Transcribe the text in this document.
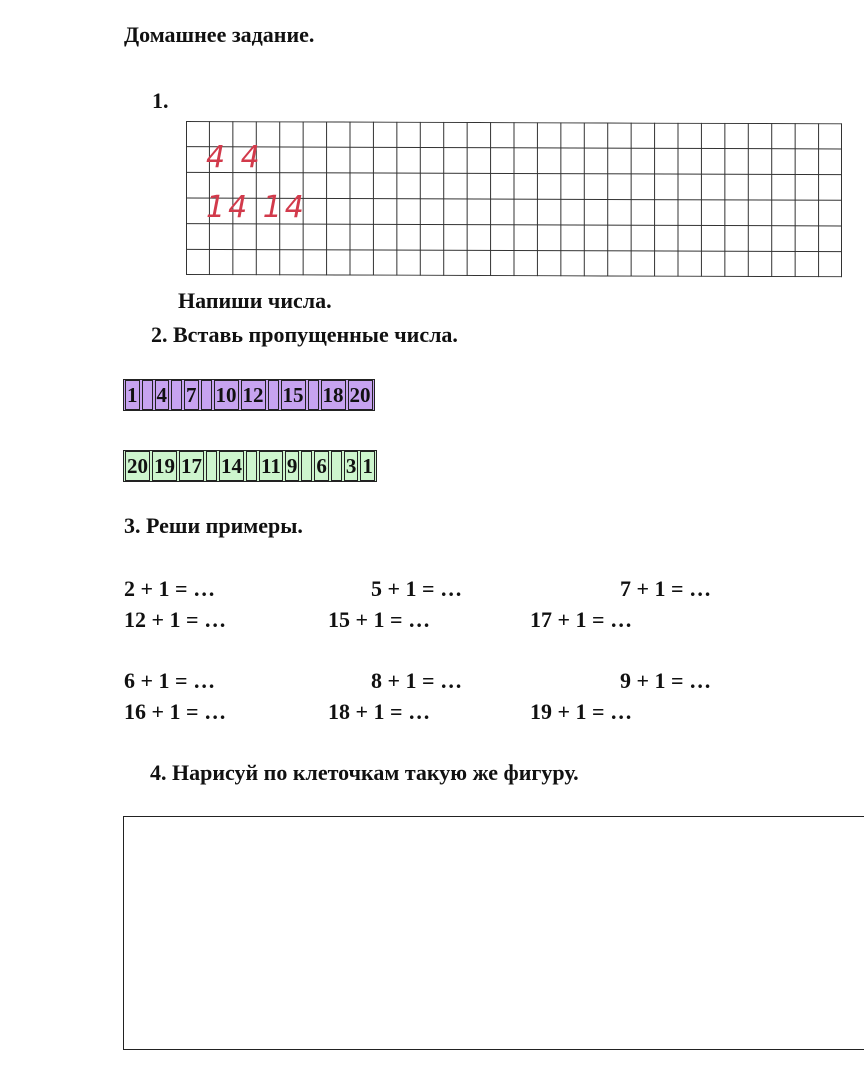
Домашнее задание.
1.
4 4
14 14
Напиши числа.
2. Вставь пропущенные числа.
1 4 7 10 12 15 18 20
20 19 17 14 11 9 6 3 1
3. Реши примеры.
2 + 1 = …	5 + 1 = …	7 + 1 = …
12 + 1 = …	15 + 1 = …	17 + 1 = …
6 + 1 = …	8 + 1 = …	9 + 1 = …
16 + 1 = …	18 + 1 = …	19 + 1 = …
4. Нарисуй по клеточкам такую же фигуру.
